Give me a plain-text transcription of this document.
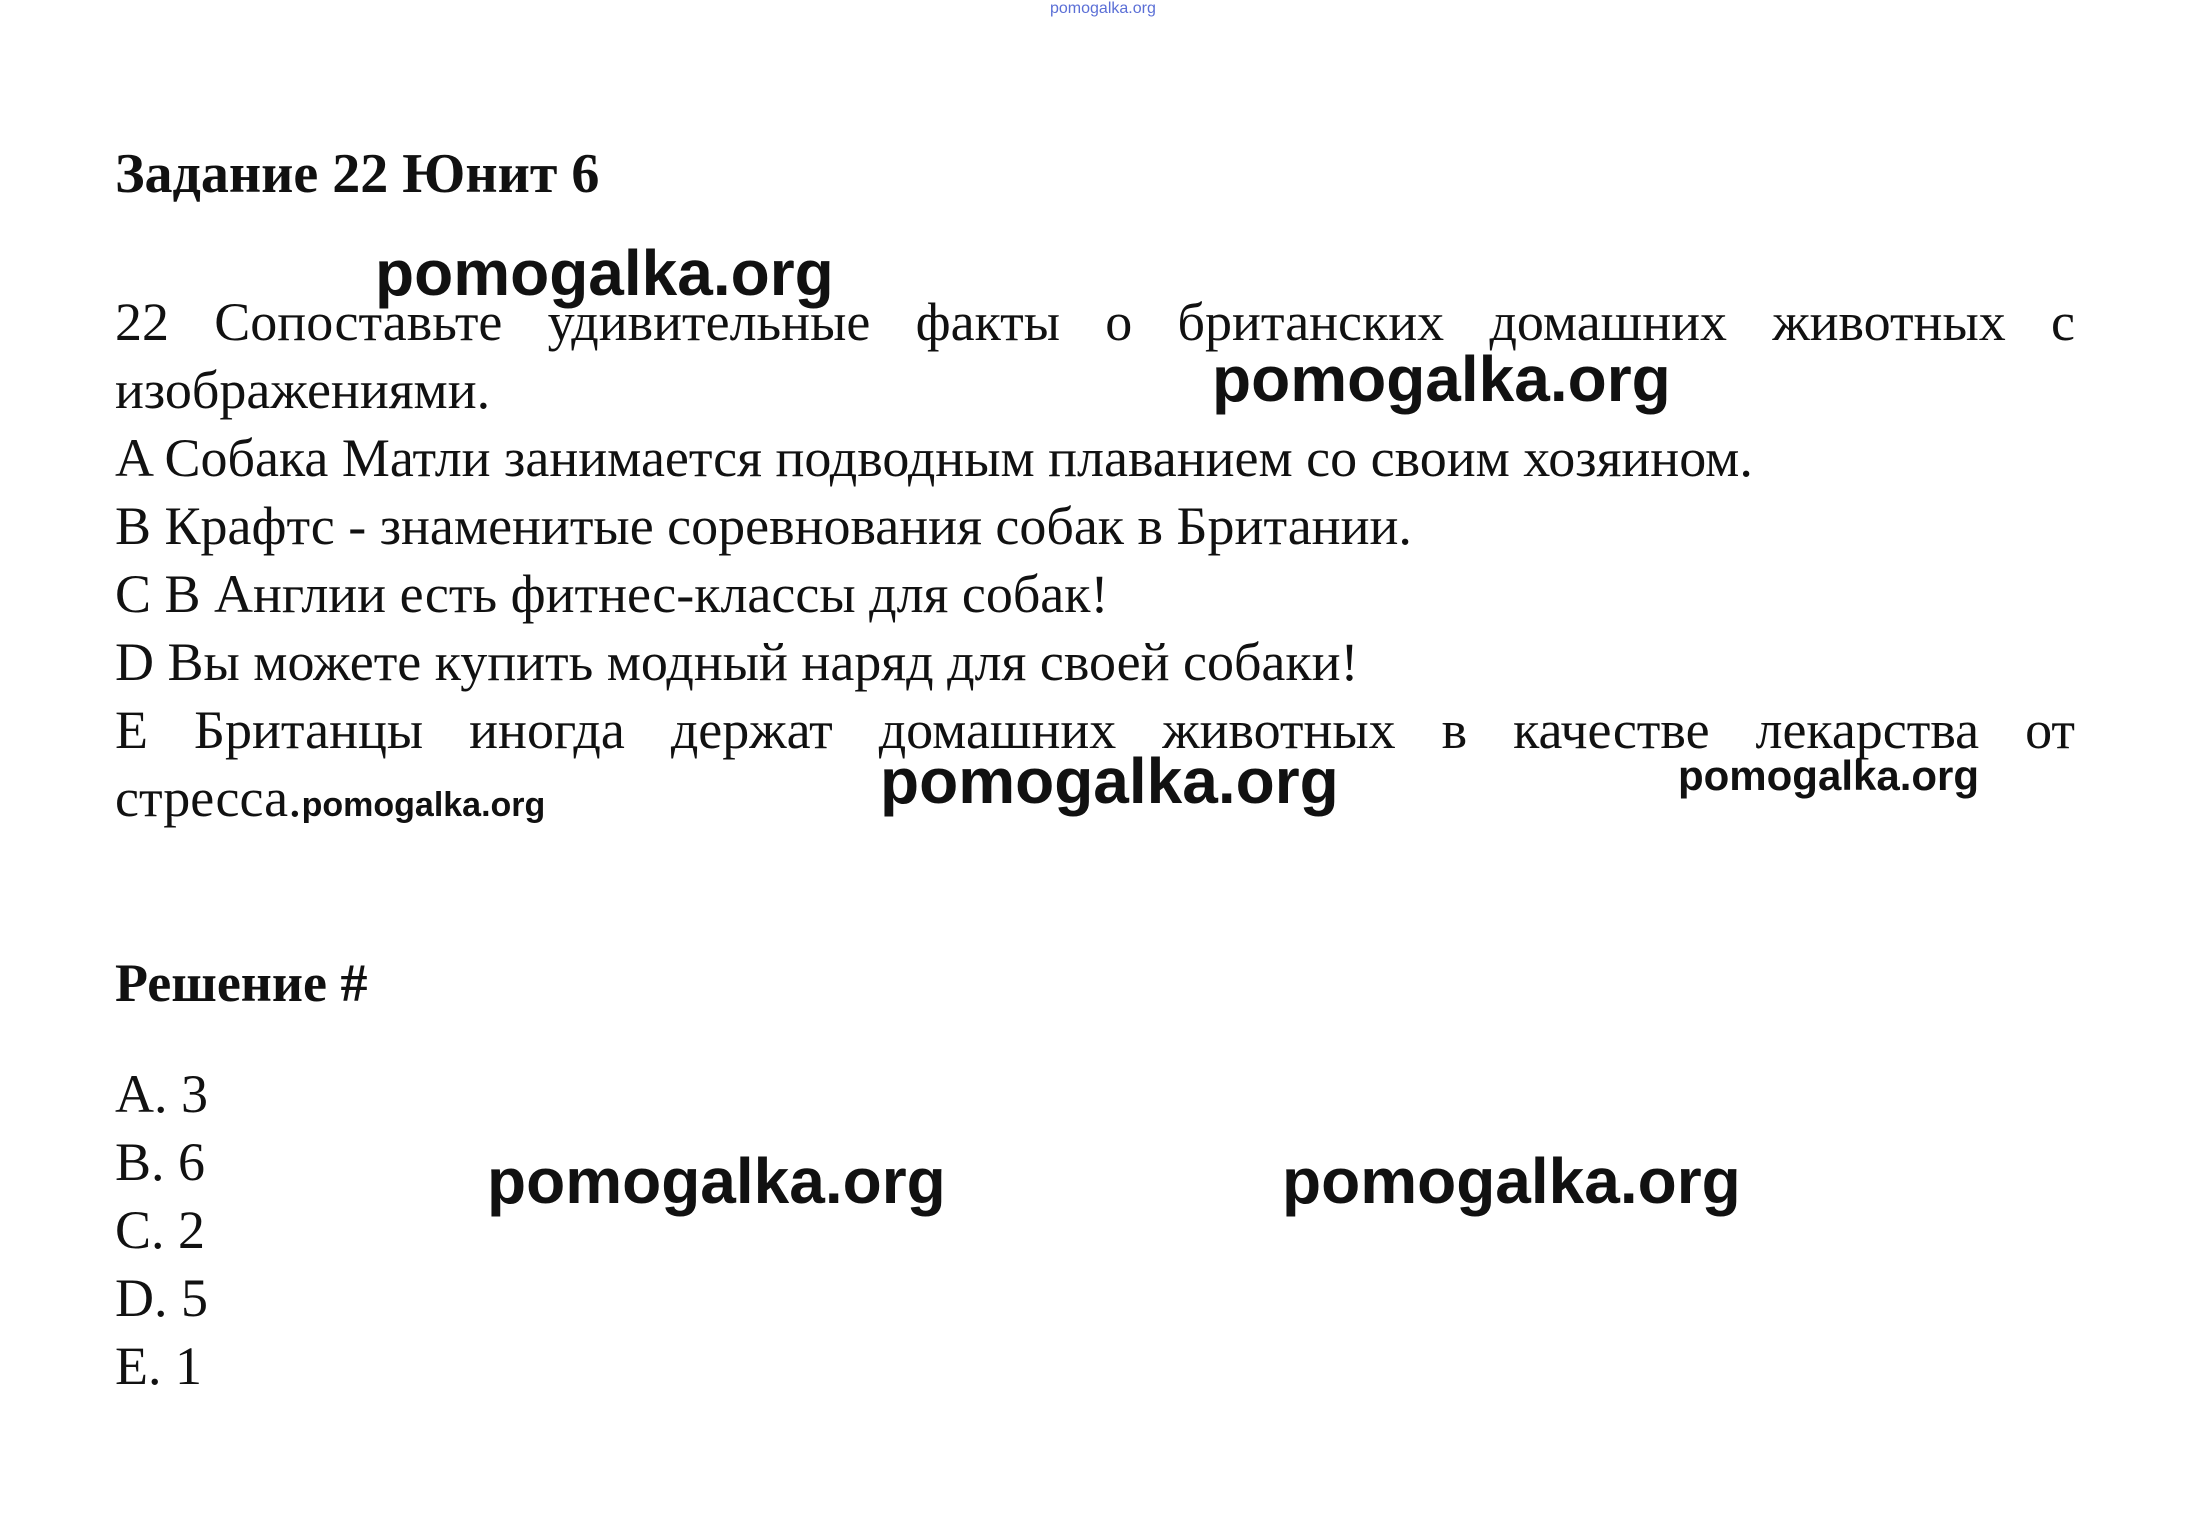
pomogalka.org
Задание 22 Юнит 6

22 Сопоставьте удивительные факты о британских домашних животных с изображениями.

A Собака Матли занимается подводным плаванием со своим хозяином.

B Крафтс - знаменитые соревнования собак в Британии.

C В Англии есть фитнес-классы для собак!

D Вы можете купить модный наряд для своей собаки!

E Британцы иногда держат домашних животных в качестве лекарства от стресса.pomogalka.org

Решение #
A. 3
B. 6
C. 2
D. 5
E. 1
pomogalka.org
pomogalka.org
pomogalka.org	pomogalka.org
pomogalka.org	pomogalka.org
